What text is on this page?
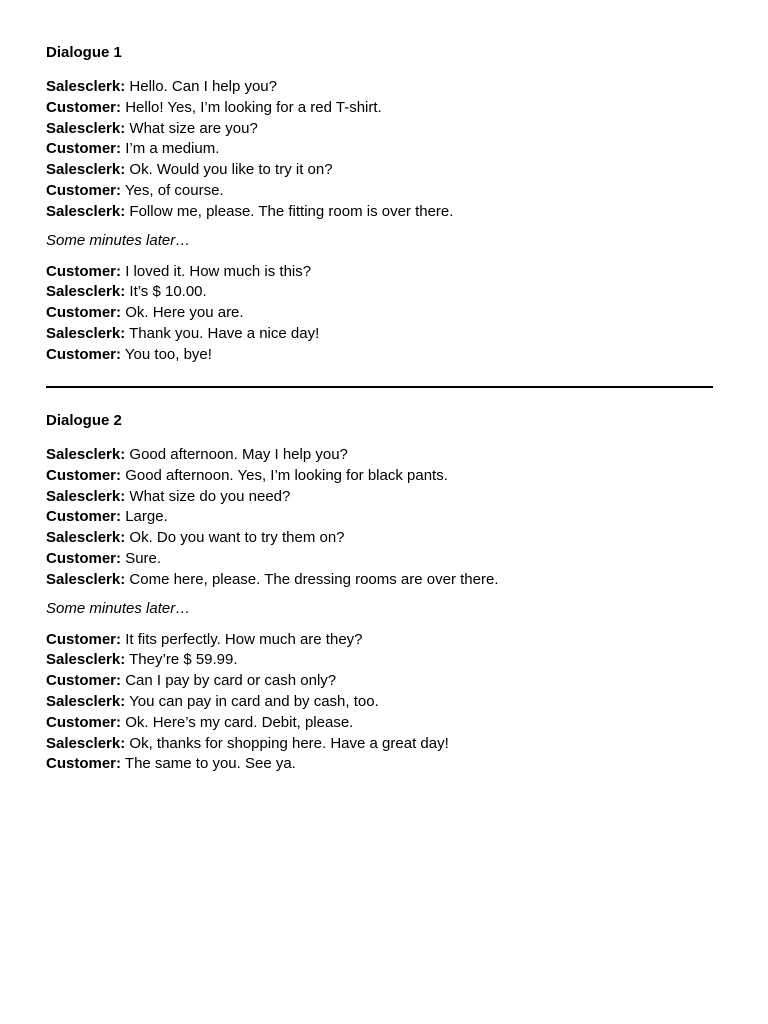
Dialogue 1
Salesclerk: Hello. Can I help you?
Customer: Hello! Yes, I’m looking for a red T-shirt.
Salesclerk: What size are you?
Customer: I’m a medium.
Salesclerk: Ok. Would you like to try it on?
Customer: Yes, of course.
Salesclerk: Follow me, please. The fitting room is over there.
Some minutes later…
Customer: I loved it. How much is this?
Salesclerk: It’s $ 10.00.
Customer: Ok. Here you are.
Salesclerk: Thank you. Have a nice day!
Customer: You too, bye!
Dialogue 2
Salesclerk: Good afternoon. May I help you?
Customer: Good afternoon. Yes, I’m looking for black pants.
Salesclerk: What size do you need?
Customer: Large.
Salesclerk: Ok. Do you want to try them on?
Customer: Sure.
Salesclerk: Come here, please. The dressing rooms are over there.
Some minutes later…
Customer: It fits perfectly. How much are they?
Salesclerk: They’re $ 59.99.
Customer: Can I pay by card or cash only?
Salesclerk: You can pay in card and by cash, too.
Customer: Ok. Here’s my card. Debit, please.
Salesclerk: Ok, thanks for shopping here. Have a great day!
Customer: The same to you. See ya.
